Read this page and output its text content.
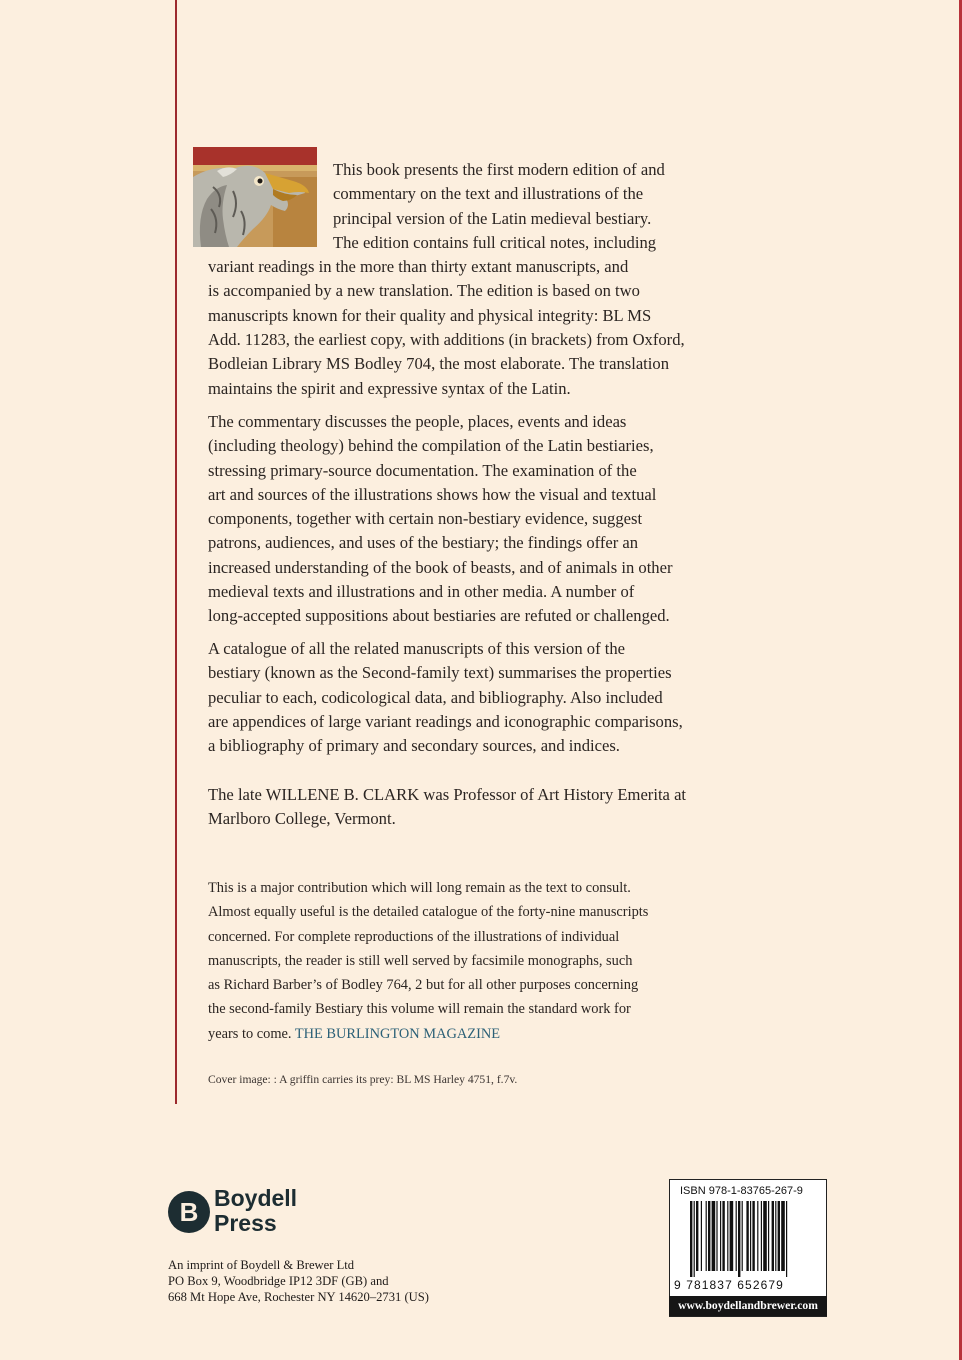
This book presents the first modern edition of and
commentary on the text and illustrations of the
principal version of the Latin medieval bestiary.
The edition contains full critical notes, including
variant readings in the more than thirty extant manuscripts, and
is accompanied by a new translation. The edition is based on two
manuscripts known for their quality and physical integrity: BL MS
Add. 11283, the earliest copy, with additions (in brackets) from Oxford,
Bodleian Library MS Bodley 704, the most elaborate. The translation
maintains the spirit and expressive syntax of the Latin.

The commentary discusses the people, places, events and ideas
(including theology) behind the compilation of the Latin bestiaries,
stressing primary-source documentation. The examination of the
art and sources of the illustrations shows how the visual and textual
components, together with certain non-bestiary evidence, suggest
patrons, audiences, and uses of the bestiary; the findings offer an
increased understanding of the book of beasts, and of animals in other
medieval texts and illustrations and in other media. A number of
long-accepted suppositions about bestiaries are refuted or challenged.

A catalogue of all the related manuscripts of this version of the
bestiary (known as the Second-family text) summarises the properties
peculiar to each, codicological data, and bibliography. Also included
are appendices of large variant readings and iconographic comparisons,
a bibliography of primary and secondary sources, and indices.

The late WILLENE B. CLARK was Professor of Art History Emerita at
Marlboro College, Vermont.

This is a major contribution which will long remain as the text to consult.
Almost equally useful is the detailed catalogue of the forty-nine manuscripts
concerned. For complete reproductions of the illustrations of individual
manuscripts, the reader is still well served by facsimile monographs, such
as Richard Barber’s of Bodley 764, 2 but for all other purposes concerning
the second-family Bestiary this volume will remain the standard work for
years to come. THE BURLINGTON MAGAZINE

Cover image: : A griffin carries its prey: BL MS Harley 4751, f.7v.

B Boydell
Press

An imprint of Boydell & Brewer Ltd
PO Box 9, Woodbridge IP12 3DF (GB) and
668 Mt Hope Ave, Rochester NY 14620–2731 (US)

ISBN 978-1-83765-267-9
9 781837 652679
www.boydellandbrewer.com
